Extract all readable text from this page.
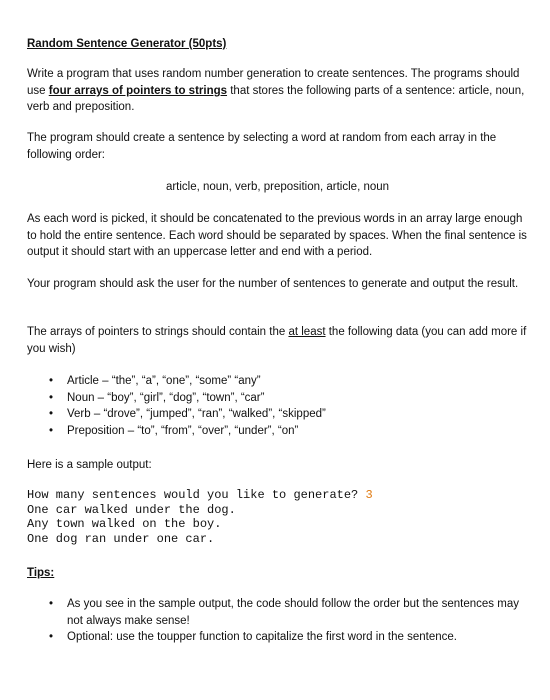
Random Sentence Generator (50pts)

Write a program that uses random number generation to create sentences. The programs should use four arrays of pointers to strings that stores the following parts of a sentence: article, noun, verb and preposition.

The program should create a sentence by selecting a word at random from each array in the following order:

article, noun, verb, preposition, article, noun

As each word is picked, it should be concatenated to the previous words in an array large enough to hold the entire sentence. Each word should be separated by spaces. When the final sentence is output it should start with an uppercase letter and end with a period.

Your program should ask the user for the number of sentences to generate and output the result.

The arrays of pointers to strings should contain the at least the following data (you can add more if you wish)

• Article – “the”, “a”, “one”, “some” “any”
• Noun – “boy”, “girl”, “dog”, “town”, “car”
• Verb – “drove”, “jumped”, “ran”, “walked”, “skipped”
• Preposition – “to”, “from”, “over”, “under”, “on”

Here is a sample output:

How many sentences would you like to generate? 3
One car walked under the dog.
Any town walked on the boy.
One dog ran under one car.

Tips:

• As you see in the sample output, the code should follow the order but the sentences may not always make sense!
• Optional: use the toupper function to capitalize the first word in the sentence.
